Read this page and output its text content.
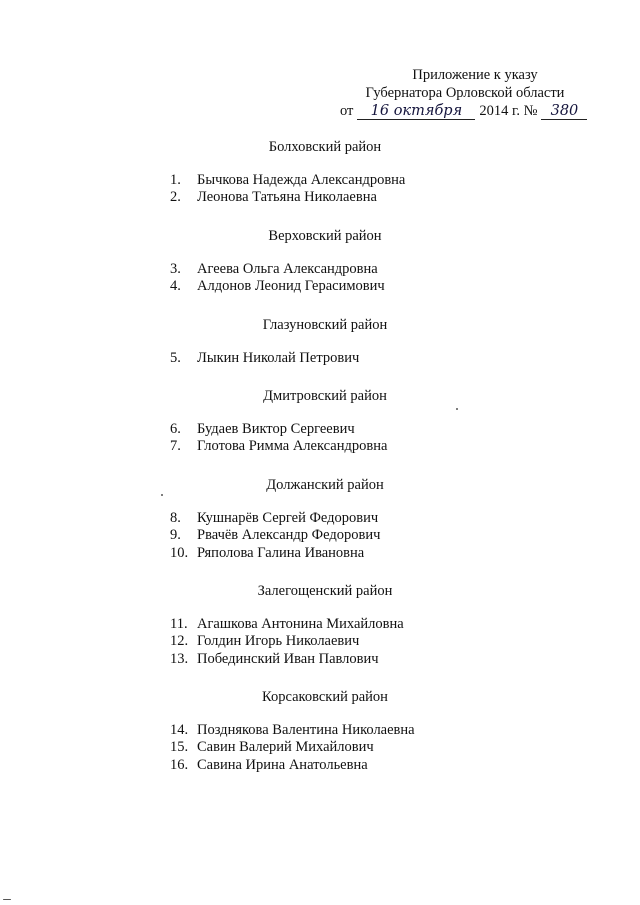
Приложение к указу
Губернатора Орловской области
от 16 октября 2014 г. № 380
Болховский район
1.	Бычкова Надежда Александровна
2.	Леонова Татьяна Николаевна
Верховский район
3.	Агеева Ольга Александровна
4.	Алдонов Леонид Герасимович
Глазуновский район
5.	Лыкин Николай Петрович
Дмитровский район
6.	Будаев Виктор Сергеевич
7.	Глотова Римма Александровна
Должанский район
8.	Кушнарёв Сергей Федорович
9.	Рвачёв Александр Федорович
10. Ряполова Галина Ивановна
Залегощенский район
11. Агашкова Антонина Михайловна
12. Голдин Игорь Николаевич
13. Побединский Иван Павлович
Корсаковский район
14. Позднякова Валентина Николаевна
15. Савин Валерий Михайлович
16. Савина Ирина Анатольевна
